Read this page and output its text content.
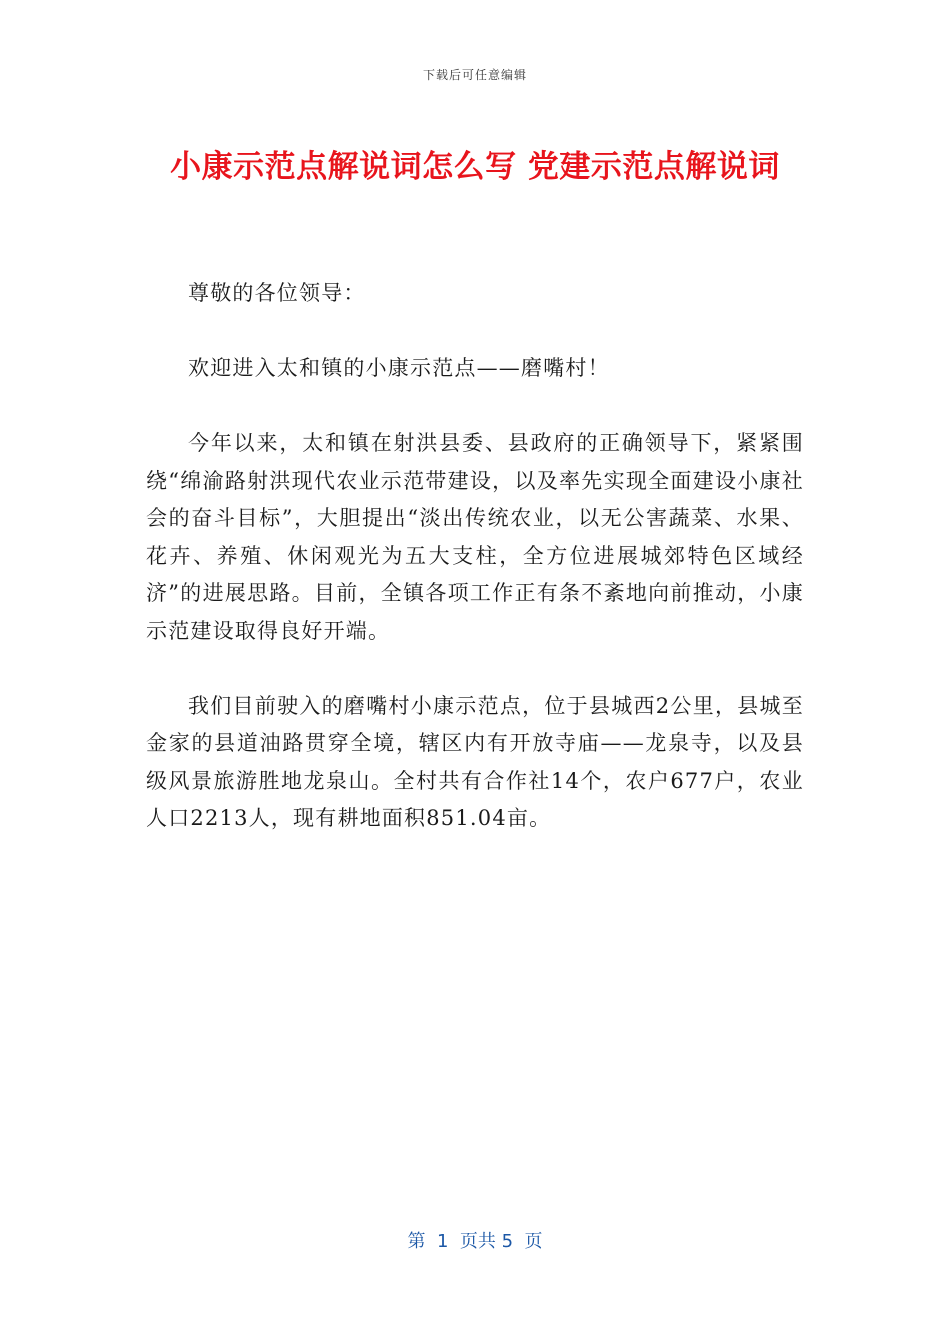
下载后可任意编辑
小康示范点解说词怎么写 党建示范点解说词

尊敬的各位领导：

欢迎进入太和镇的小康示范点——磨嘴村！

今年以来，太和镇在射洪县委、县政府的正确领导下，紧紧围绕“绵渝路射洪现代农业示范带建设，以及率先实现全面建设小康社会的奋斗目标”，大胆提出“淡出传统农业，以无公害蔬菜、水果、花卉、养殖、休闲观光为五大支柱，全方位进展城郊特色区域经济”的进展思路。目前，全镇各项工作正有条不紊地向前推动，小康示范建设取得良好开端。

我们目前驶入的磨嘴村小康示范点，位于县城西2公里，县城至金家的县道油路贯穿全境，辖区内有开放寺庙——龙泉寺，以及县级风景旅游胜地龙泉山。全村共有合作社14个，农户677户，农业人口2213人，现有耕地面积851.04亩。

第  1  页共 5  页
